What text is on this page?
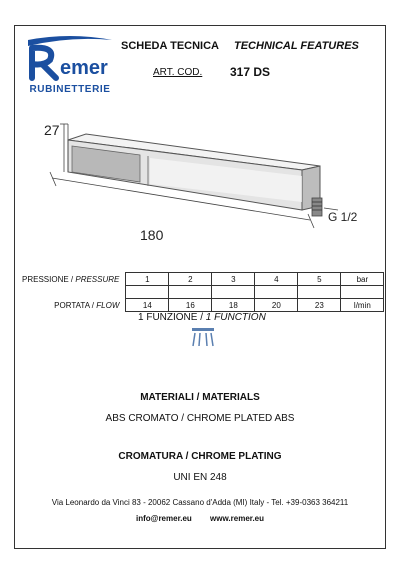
emer
RUBINETTERIE
SCHEDA TECNICA TECHNICAL FEATURES
ART. COD. 317 DS
27
180
G 1/2
PRESSIONE / PRESSURE	1	2	3	4	5	bar

PORTATA / FLOW	14	16	18	20	23	l/min
1 FUNZIONE / 1 FUNCTION
MATERIALI / MATERIALS
ABS CROMATO / CHROME PLATED ABS
CROMATURA / CHROME PLATING
UNI EN 248
Via Leonardo da Vinci 83 - 20062 Cassano d'Adda (MI) Italy - Tel. +39-0363 364211
info@remer.eu www.remer.eu
